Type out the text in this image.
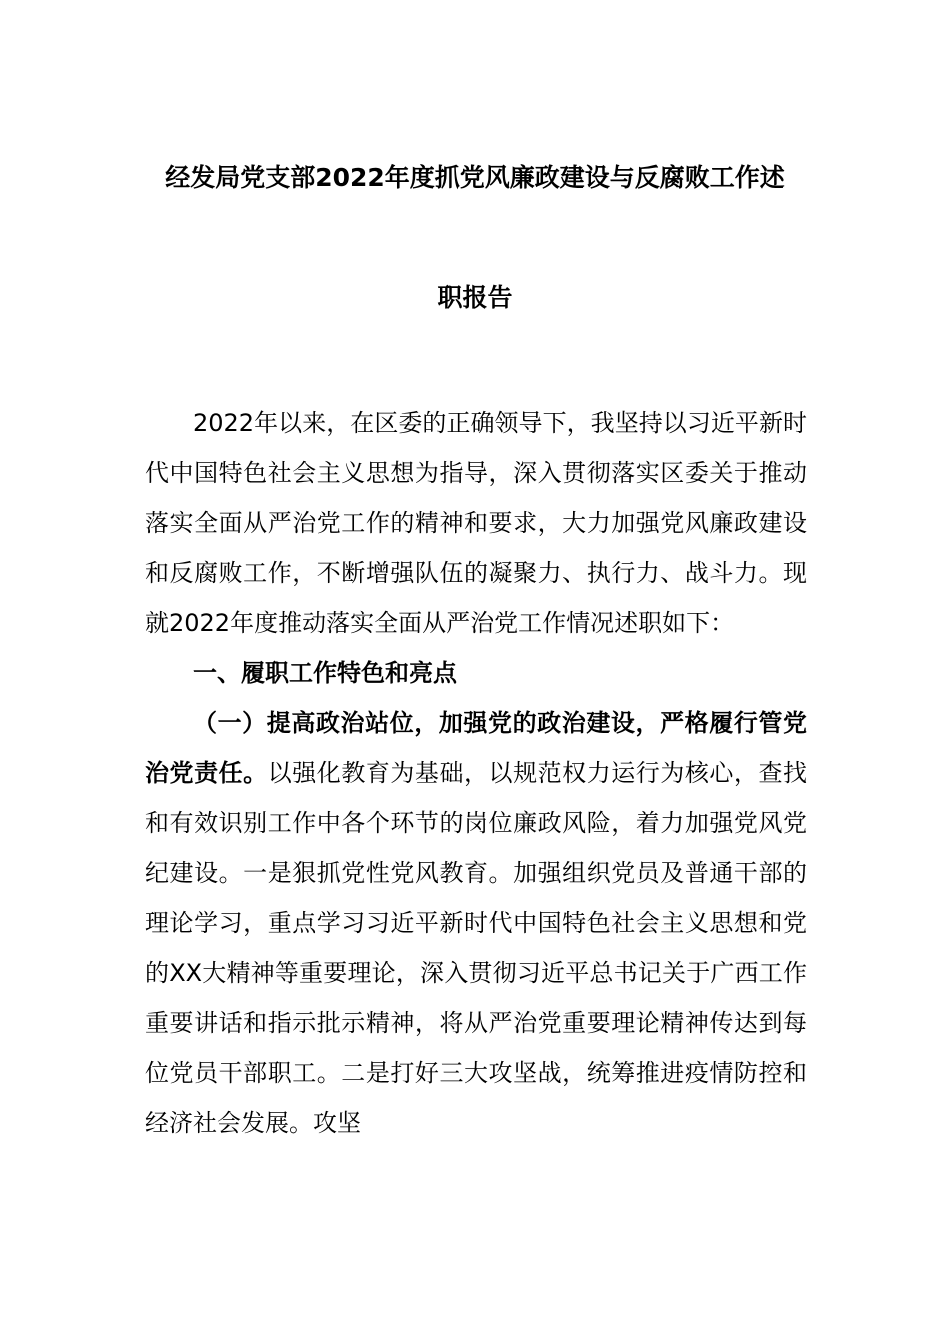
经发局党支部2022年度抓党风廉政建设与反腐败工作述
职报告

2022年以来，在区委的正确领导下，我坚持以习近平新时代中国特色社会主义思想为指导，深入贯彻落实区委关于推动落实全面从严治党工作的精神和要求，大力加强党风廉政建设和反腐败工作，不断增强队伍的凝聚力、执行力、战斗力。现就2022年度推动落实全面从严治党工作情况述职如下：

一、履职工作特色和亮点

（一）提高政治站位，加强党的政治建设，严格履行管党治党责任。以强化教育为基础，以规范权力运行为核心，查找和有效识别工作中各个环节的岗位廉政风险，着力加强党风党纪建设。一是狠抓党性党风教育。加强组织党员及普通干部的理论学习，重点学习习近平新时代中国特色社会主义思想和党的XX大精神等重要理论，深入贯彻习近平总书记关于广西工作重要讲话和指示批示精神，将从严治党重要理论精神传达到每位党员干部职工。二是打好三大攻坚战，统筹推进疫情防控和经济社会发展。攻坚
